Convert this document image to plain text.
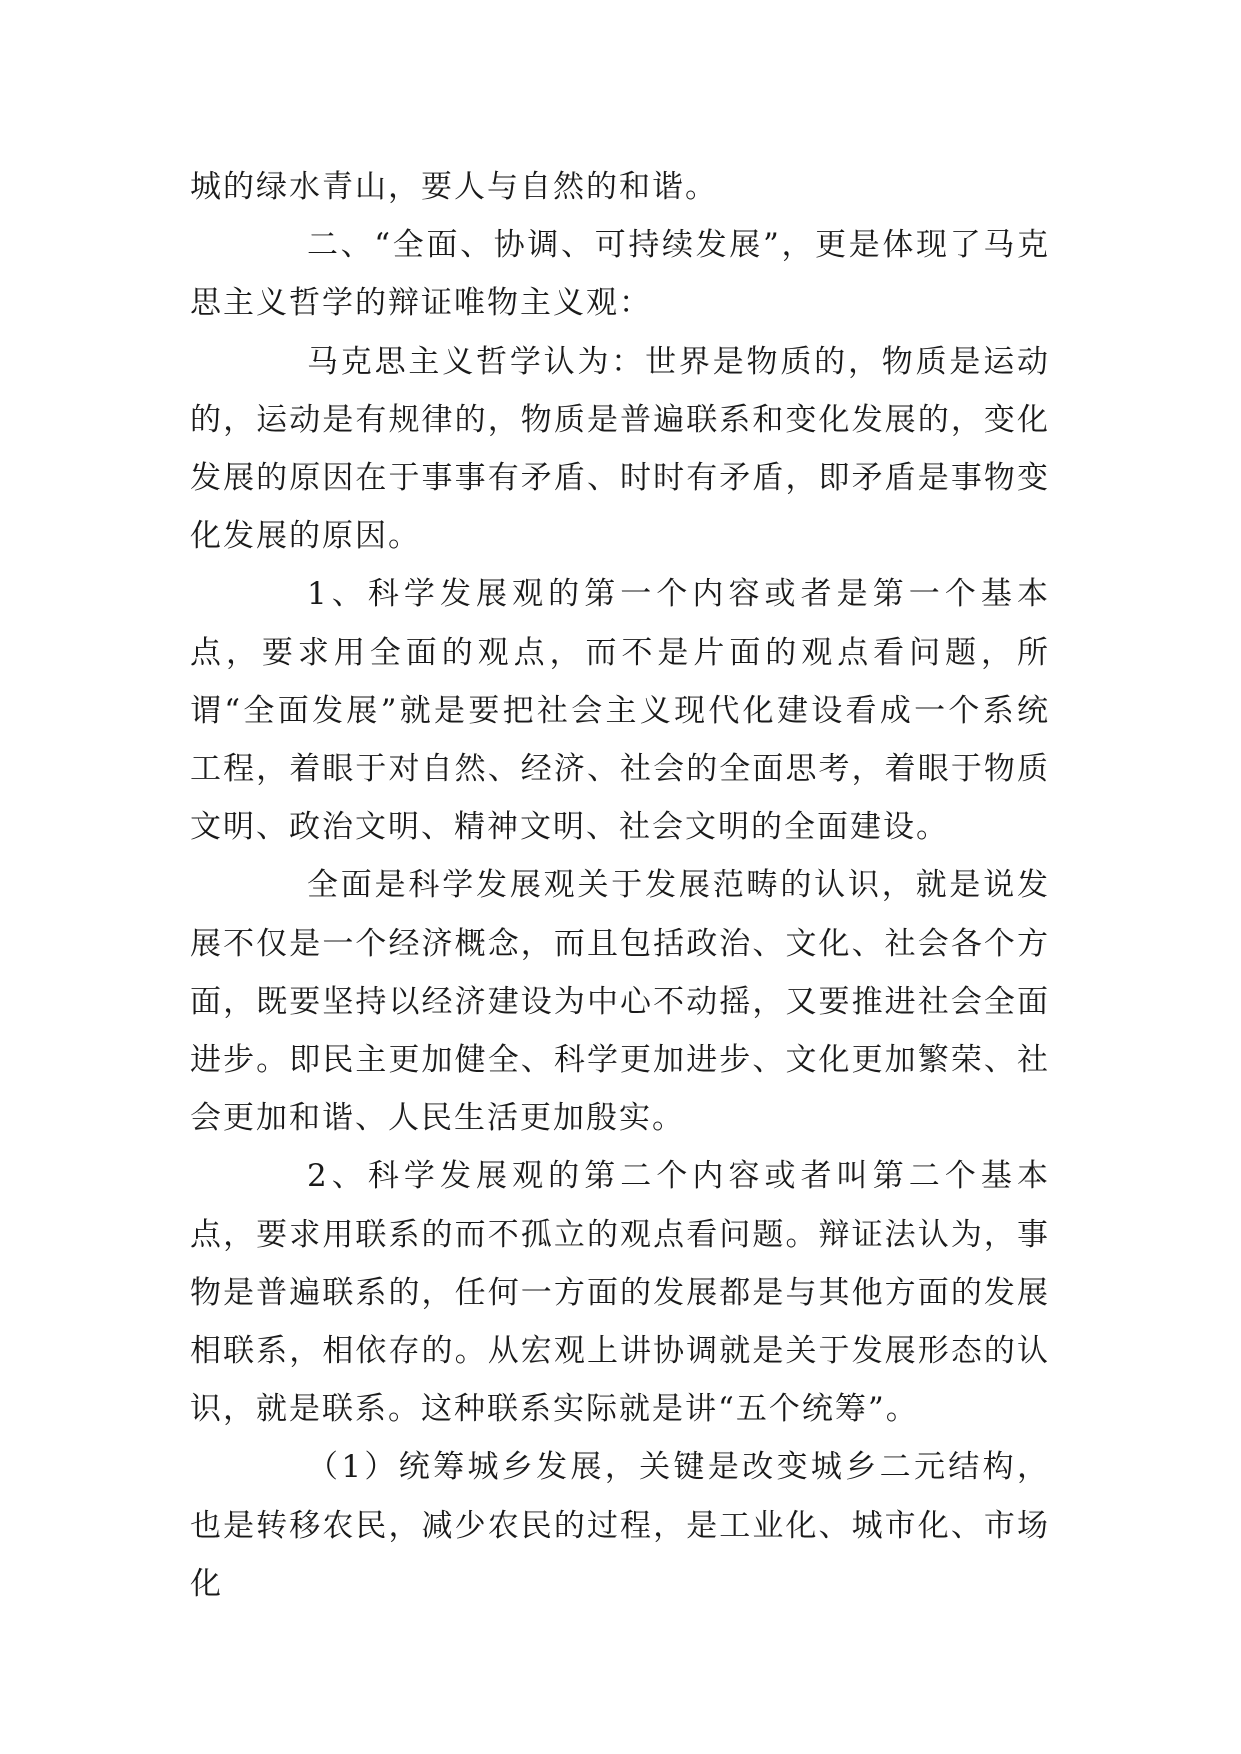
城的绿水青山，要人与自然的和谐。

二、“全面、协调、可持续发展”，更是体现了马克思主义哲学的辩证唯物主义观：

马克思主义哲学认为：世界是物质的，物质是运动的，运动是有规律的，物质是普遍联系和变化发展的，变化发展的原因在于事事有矛盾、时时有矛盾，即矛盾是事物变化发展的原因。

1、科学发展观的第一个内容或者是第一个基本点，要求用全面的观点，而不是片面的观点看问题，所谓“全面发展”就是要把社会主义现代化建设看成一个系统工程，着眼于对自然、经济、社会的全面思考，着眼于物质文明、政治文明、精神文明、社会文明的全面建设。

全面是科学发展观关于发展范畴的认识，就是说发展不仅是一个经济概念，而且包括政治、文化、社会各个方面，既要坚持以经济建设为中心不动摇，又要推进社会全面进步。即民主更加健全、科学更加进步、文化更加繁荣、社会更加和谐、人民生活更加殷实。

2、科学发展观的第二个内容或者叫第二个基本点，要求用联系的而不孤立的观点看问题。辩证法认为，事物是普遍联系的，任何一方面的发展都是与其他方面的发展相联系，相依存的。从宏观上讲协调就是关于发展形态的认识，就是联系。这种联系实际就是讲“五个统筹”。

（1）统筹城乡发展，关键是改变城乡二元结构，也是转移农民，减少农民的过程，是工业化、城市化、市场化
